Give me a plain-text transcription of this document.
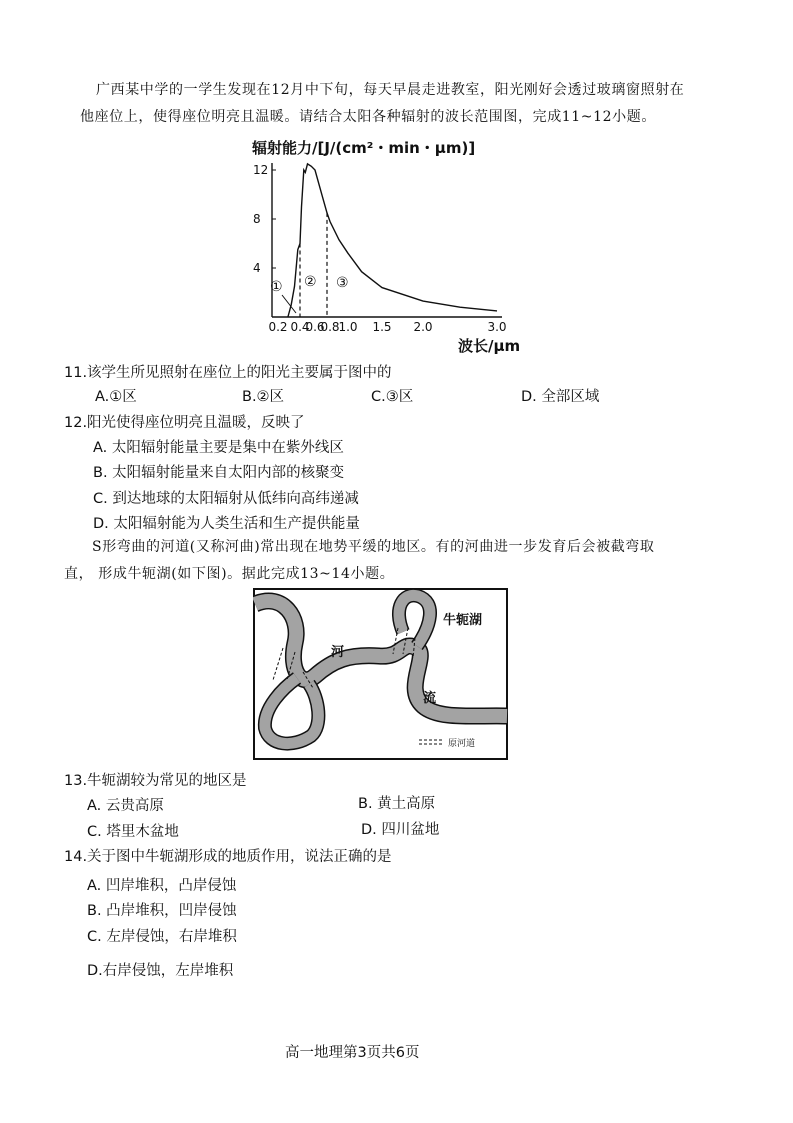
广西某中学的一学生发现在12月中下旬，每天早晨走进教室，阳光刚好会透过玻璃窗照射在
他座位上，使得座位明亮且温暖。请结合太阳各种辐射的波长范围图，完成11~12小题。
辐射能力/[J/(cm²・min・μm)]
12
8
4
0.2 0.4
0.6
0.8
1.0 1.5 2.0	3.0
① ② ③
波长/μm
11.该学生所见照射在座位上的阳光主要属于图中的
A.①区	B.②区	C.③区	D. 全部区域
12.阳光使得座位明亮且温暖，反映了
A. 太阳辐射能量主要是集中在紫外线区
B. 太阳辐射能量来自太阳内部的核聚变
C. 到达地球的太阳辐射从低纬向高纬递减
D. 太阳辐射能为人类生活和生产提供能量
S形弯曲的河道(又称河曲)常出现在地势平缓的地区。有的河曲进一步发育后会被截弯取
直， 形成牛轭湖(如下图)。据此完成13~14小题。
牛轭湖
河
流
原河道
13.牛轭湖较为常见的地区是
A. 云贵高原	B. 黄土高原
C. 塔里木盆地	D. 四川盆地
14.关于图中牛轭湖形成的地质作用，说法正确的是
A. 凹岸堆积，凸岸侵蚀
B. 凸岸堆积，凹岸侵蚀
C. 左岸侵蚀，右岸堆积
D.右岸侵蚀，左岸堆积
高一地理第3页共6页
